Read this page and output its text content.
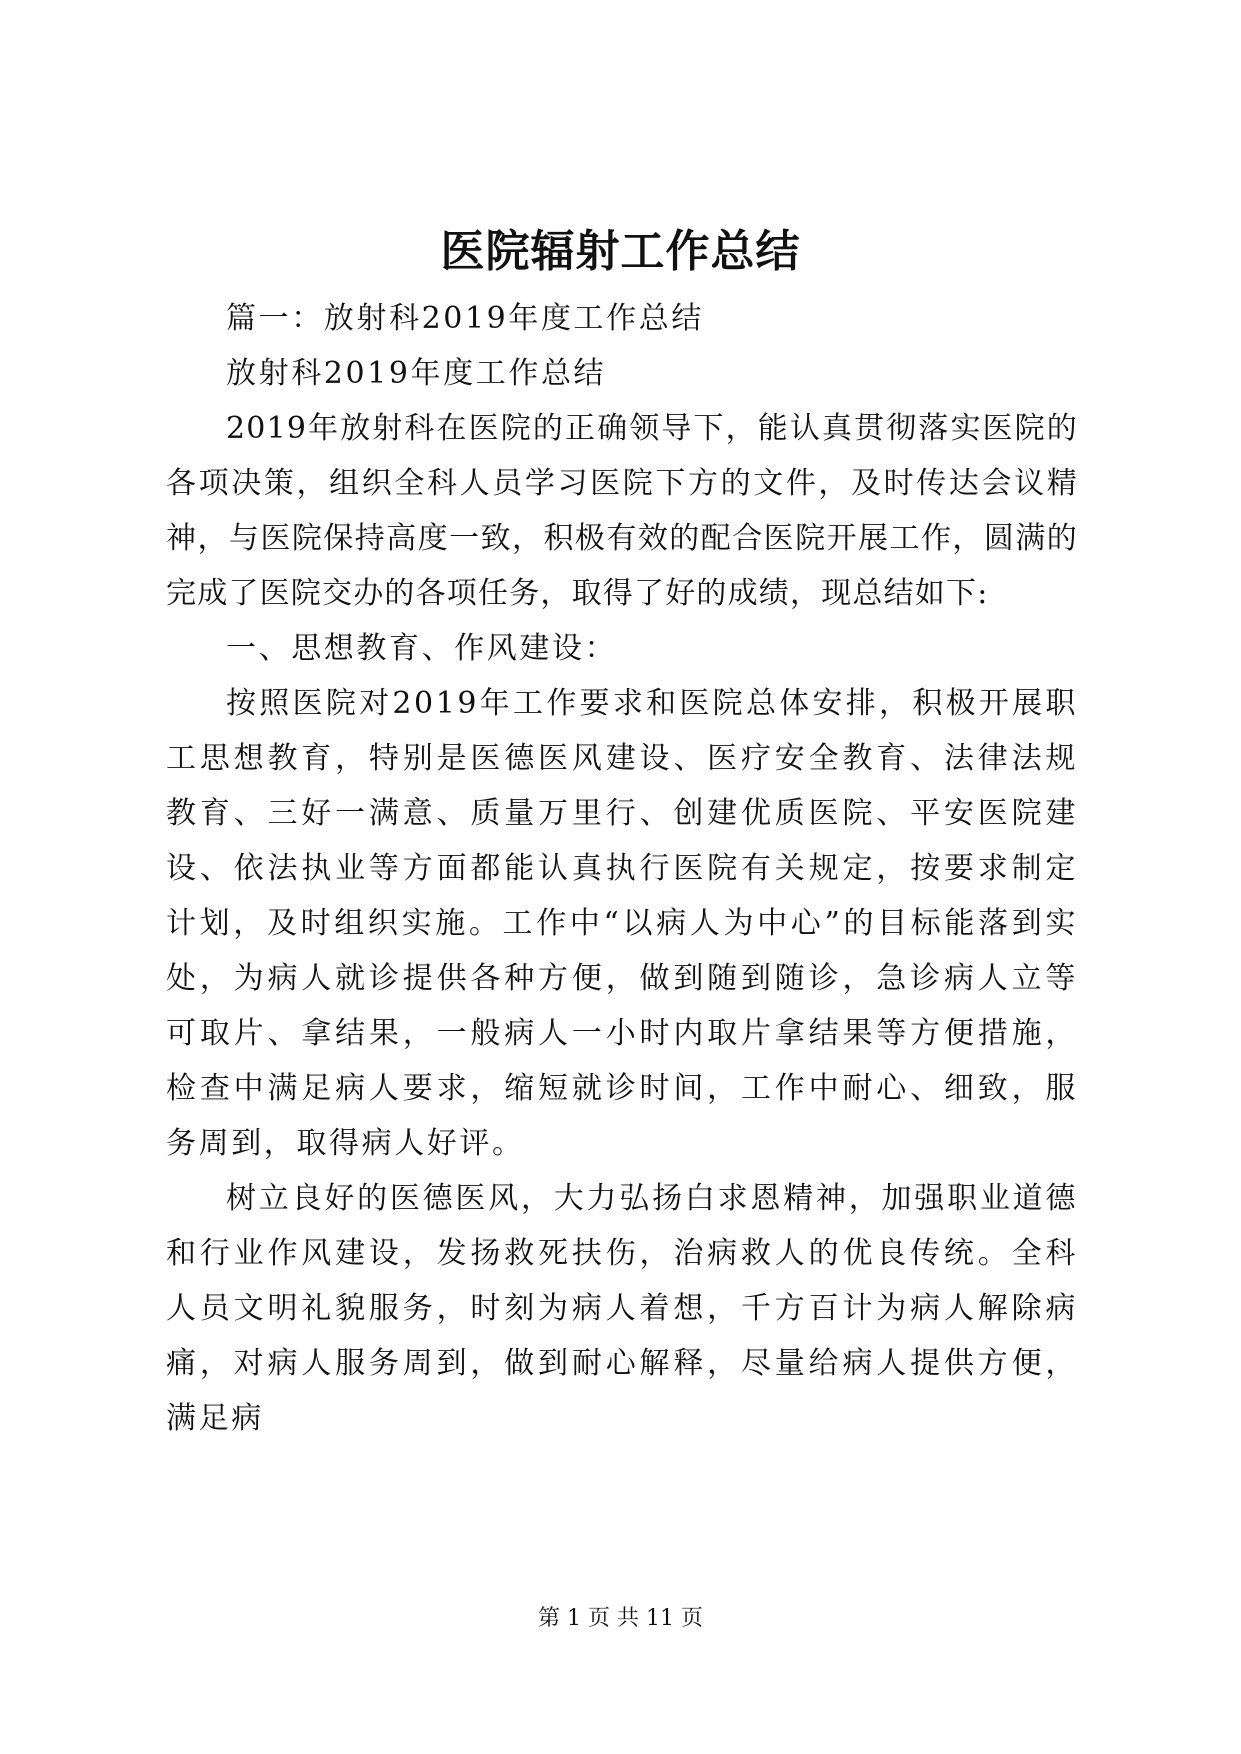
医院辐射工作总结

篇一：放射科2019年度工作总结

放射科2019年度工作总结

2019年放射科在医院的正确领导下，能认真贯彻落实医院的各项决策，组织全科人员学习医院下方的文件，及时传达会议精神，与医院保持高度一致，积极有效的配合医院开展工作，圆满的完成了医院交办的各项任务，取得了好的成绩，现总结如下:

一、思想教育、作风建设：

按照医院对2019年工作要求和医院总体安排，积极开展职工思想教育，特别是医德医风建设、医疗安全教育、法律法规教育、三好一满意、质量万里行、创建优质医院、平安医院建设、依法执业等方面都能认真执行医院有关规定，按要求制定计划，及时组织实施。工作中“以病人为中心”的目标能落到实处，为病人就诊提供各种方便，做到随到随诊，急诊病人立等可取片、拿结果，一般病人一小时内取片拿结果等方便措施，检查中满足病人要求，缩短就诊时间，工作中耐心、细致，服务周到，取得病人好评。

树立良好的医德医风，大力弘扬白求恩精神，加强职业道德和行业作风建设，发扬救死扶伤，治病救人的优良传统。全科人员文明礼貌服务，时刻为病人着想，千方百计为病人解除病痛，对病人服务周到，做到耐心解释，尽量给病人提供方便，满足病

第 1 页 共 11 页
